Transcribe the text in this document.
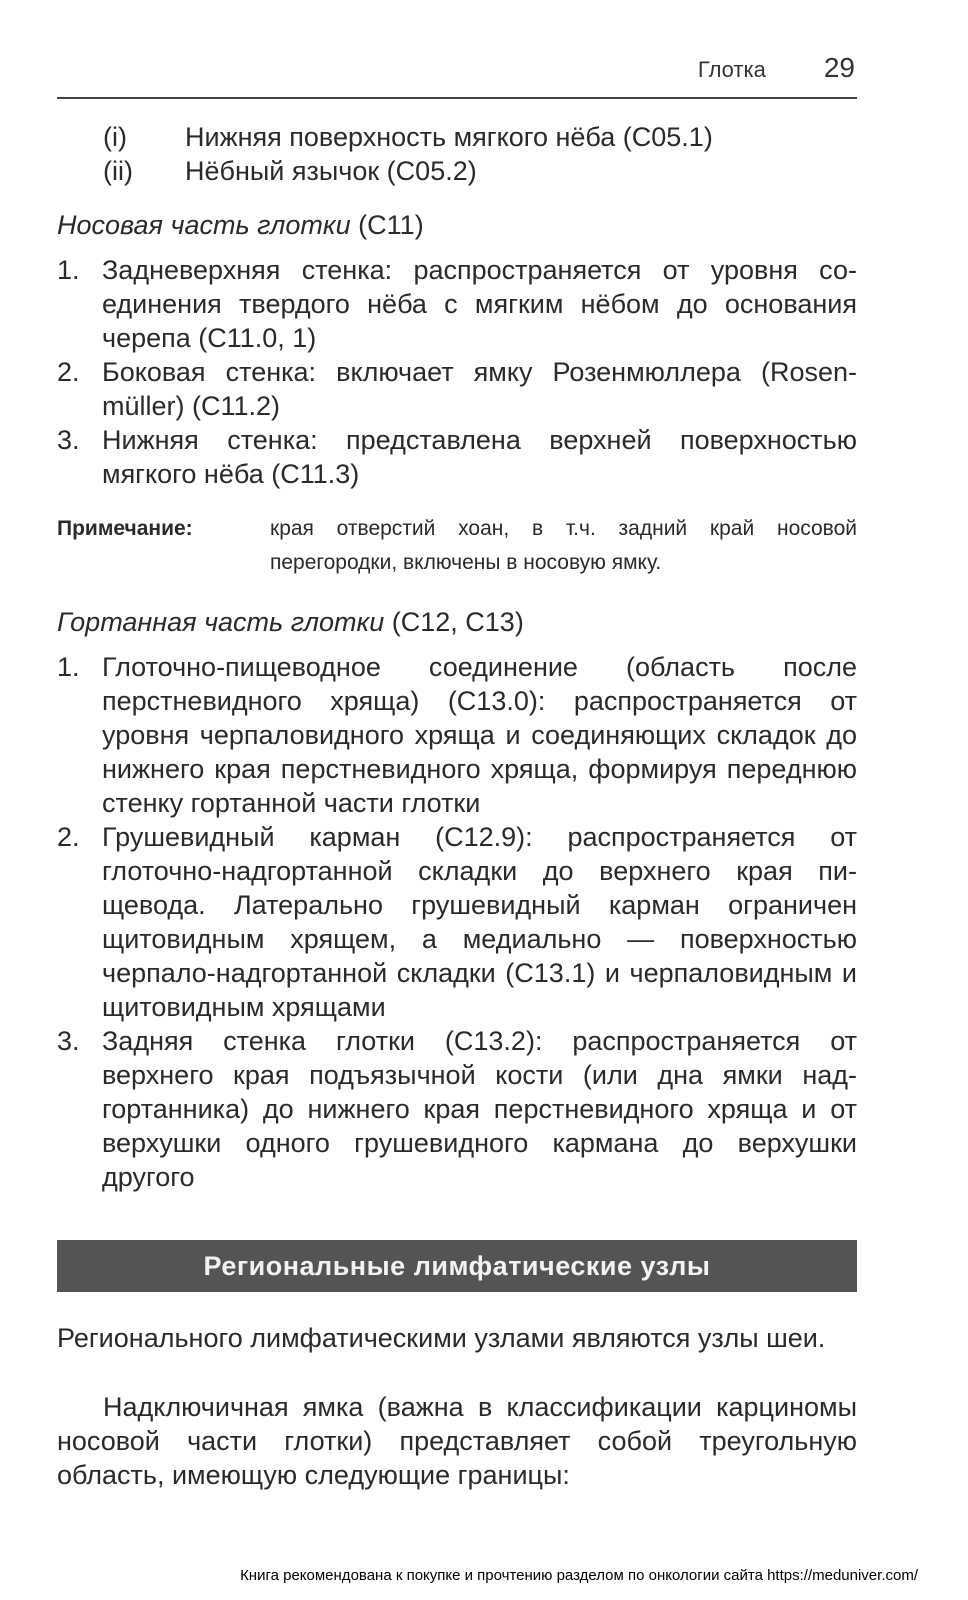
Глотка 29
(i)	Нижняя поверхность мягкого нёба (C05.1)
(ii)	Нёбный язычок (C05.2)
Носовая часть глотки (C11)
1. Задневерхняя стенка: распространяется от уровня соединения твердого нёба с мягким нёбом до основания черепа (C11.0, 1)
2. Боковая стенка: включает ямку Розенмюллера (Rosenmüller) (C11.2)
3. Нижняя стенка: представлена верхней поверхностью мягкого нёба (C11.3)
Примечание:	края отверстий хоан, в т.ч. задний край носовой перегородки, включены в носовую ямку.
Гортанная часть глотки (C12, C13)
1. Глоточно-пищеводное соединение (область после перстневидного хряща) (C13.0): распространяется от уровня черпаловидного хряща и соединяющих складок до нижнего края перстневидного хряща, формируя переднюю стенку гортанной части глотки
2. Грушевидный карман (C12.9): распространяется от глоточно-надгортанной складки до верхнего края пищевода. Латерально грушевидный карман ограничен щитовидным хрящем, а медиально — поверхностью черпало-надгортанной складки (C13.1) и черпаловидным и щитовидным хрящами
3. Задняя стенка глотки (C13.2): распространяется от верхнего края подъязычной кости (или дна ямки надгортанника) до нижнего края перстневидного хряща и от верхушки одного грушевидного кармана до верхушки другого
Региональные лимфатические узлы
Регионального лимфатическими узлами являются узлы шеи.
Надключичная ямка (важна в классификации карциномы носовой части глотки) представляет собой треугольную область, имеющую следующие границы:
Книга рекомендована к покупке и прочтению разделом по онкологии сайта https://meduniver.com/
